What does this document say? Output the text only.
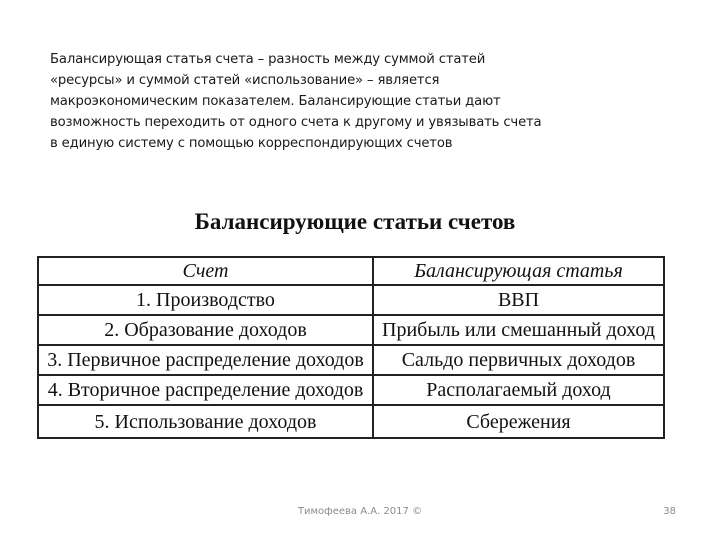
Балансирующая статья счета – разность между суммой статей
«ресурсы» и суммой статей «использование» – является
макроэкономическим показателем. Балансирующие статьи дают
возможность переходить от одного счета к другому и увязывать счета
в единую систему с помощью корреспондирующих счетов
Балансирующие статьи счетов
Счет	Балансирующая статья
1. Производство	ВВП
2. Образование доходов	Прибыль или смешанный доход
3. Первичное распределение доходов	Сальдо первичных доходов
4. Вторичное распределение доходов	Располагаемый доход
5. Использование доходов	Сбережения

Тимофеева А.А. 2017 ©	38
